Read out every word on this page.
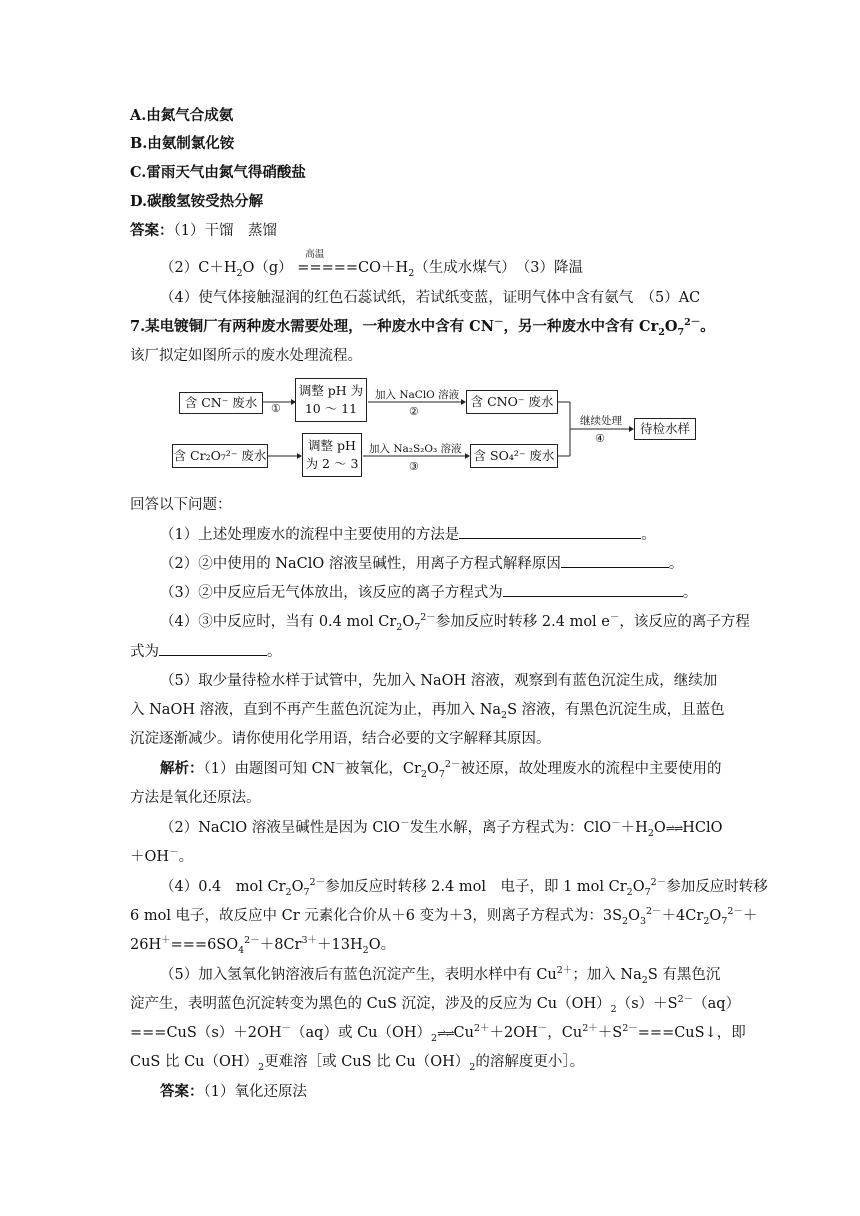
A.由氮气合成氨
B.由氨制氯化铵
C.雷雨天气由氮气得硝酸盐
D.碳酸氢铵受热分解
答案：（1）干馏　蒸馏
$(2)C+H_2O(g)$
高温
$=====CO+H_2$（生成水煤气）　（3）降温
（4）使气体接触湿润的红色石蕊试纸，若试纸变蓝，证明气体中含有氨气　（5）AC
7.某电镀铜厂有两种废水需要处理，一种废水中含有 CN－，另一种废水中含有 $Cr_2O_7^{2-}$。
该厂拟定如图所示的废水处理流程。
含 CN⁻ 废水	①
调整 pH 为
10 ～ 11
加入 NaClO 溶液
②
含 CNO⁻ 废水
含 Cr₂O₇²⁻ 废水
调整 pH
为 2 ～ 3
加入 Na₂S₂O₃ 溶液
③
含 SO₄²⁻ 废水
继续处理
④
待检水样
回答以下问题：
（1）上述处理废水的流程中主要使用的方法是	。
（2）②中使用的 NaClO 溶液呈碱性，用离子方程式解释原因	。
（3）②中反应后无气体放出，该反应的离子方程式为	。
（4）③中反应时，当有 0.4 mol $Cr_2O_7^{2-}$参加反应时转移 2.4 mol e－，该反应的离子方程
式为	。
（5）取少量待检水样于试管中，先加入 NaOH 溶液，观察到有蓝色沉淀生成，继续加
入 NaOH 溶液，直到不再产生蓝色沉淀为止，再加入 $Na_2S$ 溶液，有黑色沉淀生成，且蓝色
沉淀逐渐减少。请你使用化学用语，结合必要的文字解释其原因。
解析：（1）由题图可知 CN－被氧化，$Cr_2O_7^{2-}$被还原，故处理废水的流程中主要使用的
方法是氧化还原法。
（2）NaClO 溶液呈碱性是因为 ClO－发生水解，离子方程式为：$ClO^-+H_2O\rightleftharpoons\rightleftharpoons HClO$
＋OH－。
（4）0.4　mol $Cr_2O_7^{2-}$参加反应时转移 2.4 mol　电子，即 1 mol $Cr_2O_7^{2-}$参加反应时转移
6 mol 电子，故反应中 Cr 元素化合价从＋6 变为＋3，则离子方程式为：$3S_2O_3^{2-}+4Cr_2O_7^{2-}+$
$26H^+===6SO_4^{2-}+8Cr^{3+}+13H_2O$。
（5）加入氢氧化钠溶液后有蓝色沉淀产生，表明水样中有 $Cu^{2+}$；加入 $Na_2S$ 有黑色沉
淀产生，表明蓝色沉淀转变为黑色的 CuS 沉淀，涉及的反应为 $Cu(OH)_2(s)+S^{2-}(aq)$
===CuS（s）＋2OH－（aq）或 $Cu(OH)_2\rightleftharpoons\rightleftharpoons Cu^{2+}+2OH^-$，$Cu^{2+}+S^{2-}===CuS↓$，即
CuS 比 $Cu(OH)_2$更难溶［或 CuS 比 $Cu(OH)_2$的溶解度更小］。
答案：（1）氧化还原法
